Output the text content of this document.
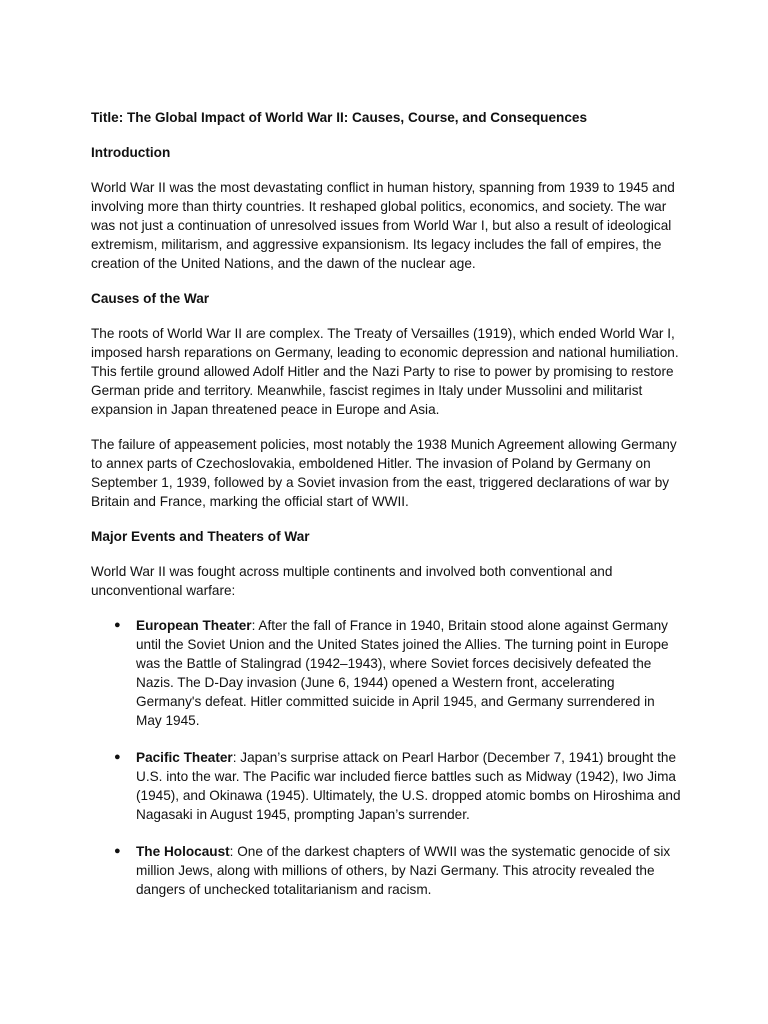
Title: The Global Impact of World War II: Causes, Course, and Consequences

Introduction

World War II was the most devastating conflict in human history, spanning from 1939 to 1945 and involving more than thirty countries. It reshaped global politics, economics, and society. The war was not just a continuation of unresolved issues from World War I, but also a result of ideological extremism, militarism, and aggressive expansionism. Its legacy includes the fall of empires, the creation of the United Nations, and the dawn of the nuclear age.

Causes of the War

The roots of World War II are complex. The Treaty of Versailles (1919), which ended World War I, imposed harsh reparations on Germany, leading to economic depression and national humiliation. This fertile ground allowed Adolf Hitler and the Nazi Party to rise to power by promising to restore German pride and territory. Meanwhile, fascist regimes in Italy under Mussolini and militarist expansion in Japan threatened peace in Europe and Asia.

The failure of appeasement policies, most notably the 1938 Munich Agreement allowing Germany to annex parts of Czechoslovakia, emboldened Hitler. The invasion of Poland by Germany on September 1, 1939, followed by a Soviet invasion from the east, triggered declarations of war by Britain and France, marking the official start of WWII.

Major Events and Theaters of War

World War II was fought across multiple continents and involved both conventional and unconventional warfare:

● European Theater: After the fall of France in 1940, Britain stood alone against Germany until the Soviet Union and the United States joined the Allies. The turning point in Europe was the Battle of Stalingrad (1942–1943), where Soviet forces decisively defeated the Nazis. The D-Day invasion (June 6, 1944) opened a Western front, accelerating Germany's defeat. Hitler committed suicide in April 1945, and Germany surrendered in May 1945.
● Pacific Theater: Japan’s surprise attack on Pearl Harbor (December 7, 1941) brought the U.S. into the war. The Pacific war included fierce battles such as Midway (1942), Iwo Jima (1945), and Okinawa (1945). Ultimately, the U.S. dropped atomic bombs on Hiroshima and Nagasaki in August 1945, prompting Japan’s surrender.
● The Holocaust: One of the darkest chapters of WWII was the systematic genocide of six million Jews, along with millions of others, by Nazi Germany. This atrocity revealed the dangers of unchecked totalitarianism and racism.
